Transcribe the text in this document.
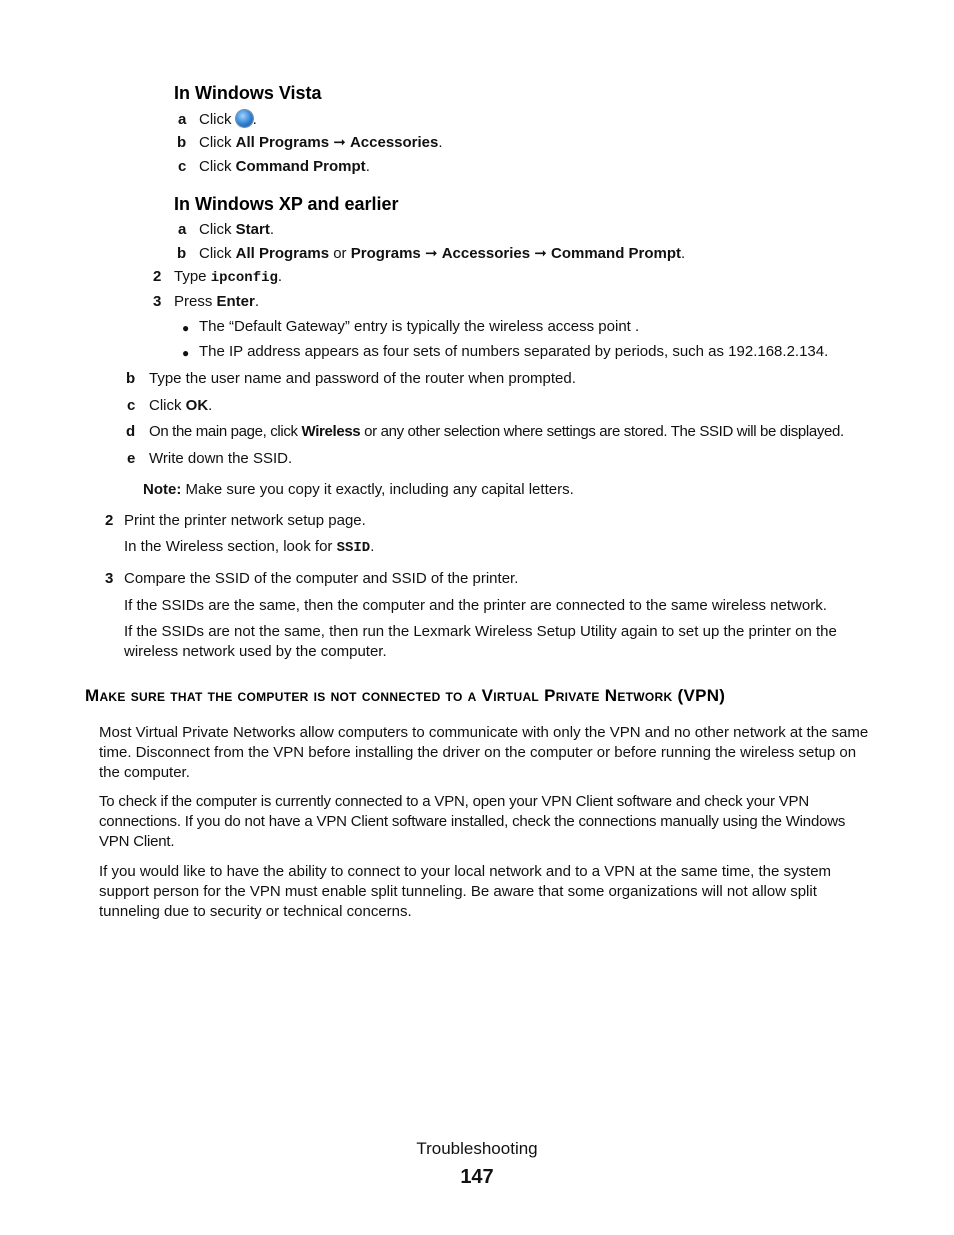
In Windows Vista
a Click .
b Click All Programs ➞ Accessories.
c Click Command Prompt.
In Windows XP and earlier
a Click Start.
b Click All Programs or Programs ➞ Accessories ➞ Command Prompt.
2 Type ipconfig.
3 Press Enter.
● The “Default Gateway” entry is typically the wireless access point .
● The IP address appears as four sets of numbers separated by periods, such as 192.168.2.134.
b Type the user name and password of the router when prompted.
c Click OK.
d On the main page, click Wireless or any other selection where settings are stored. The SSID will be displayed.
e Write down the SSID.
Note: Make sure you copy it exactly, including any capital letters.
2 Print the printer network setup page.
In the Wireless section, look for SSID.
3 Compare the SSID of the computer and SSID of the printer.
If the SSIDs are the same, then the computer and the printer are connected to the same wireless network.
If the SSIDs are not the same, then run the Lexmark Wireless Setup Utility again to set up the printer on the wireless network used by the computer.
Make sure that the computer is not connected to a Virtual Private Network (VPN)
Most Virtual Private Networks allow computers to communicate with only the VPN and no other network at the same time. Disconnect from the VPN before installing the driver on the computer or before running the wireless setup on the computer.
To check if the computer is currently connected to a VPN, open your VPN Client software and check your VPN connections. If you do not have a VPN Client software installed, check the connections manually using the Windows VPN Client.
If you would like to have the ability to connect to your local network and to a VPN at the same time, the system support person for the VPN must enable split tunneling. Be aware that some organizations will not allow split tunneling due to security or technical concerns.
Troubleshooting
147
